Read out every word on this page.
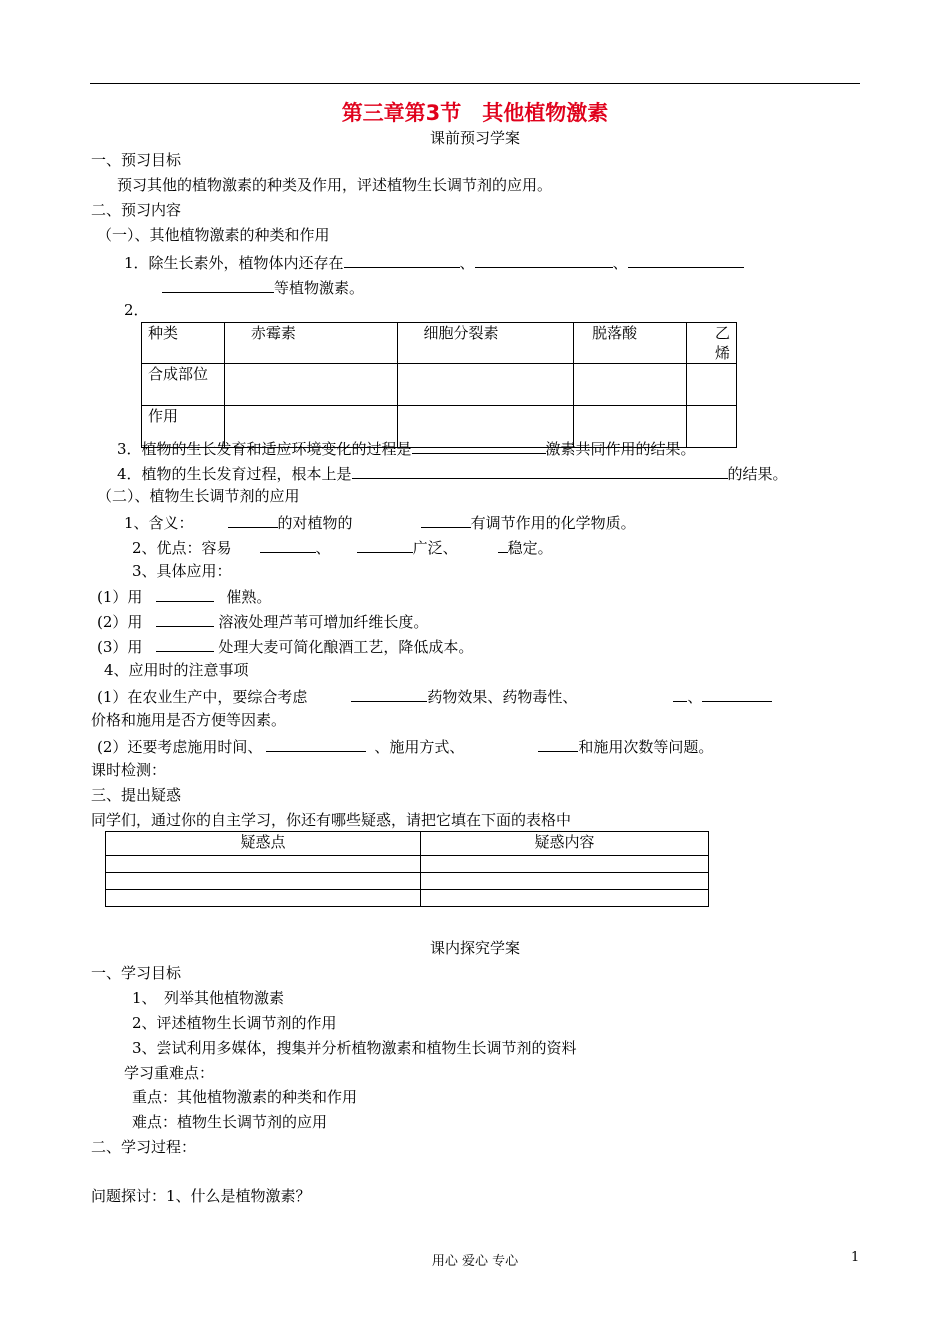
第三章第3节　其他植物激素
课前预习学案
一、预习目标
预习其他的植物激素的种类及作用，评述植物生长调节剂的应用。
二、预习内容
（一）、其他植物激素的种类和作用
1．除生长素外，植物体内还存在	、	、
等植物激素。
2．
种类	赤霉素	细胞分裂素	脱落酸	乙烯
合成部位				
作用				
3．植物的生长发育和适应环境变化的过程是	激素共同作用的结果。
4．植物的生长发育过程，根本上是	的结果。
（二）、植物生长调节剂的应用
1、含义：	的对植物的	有调节作用的化学物质。
2、优点：容易	、	广泛、	稳定。
3、具体应用：
(1）用	催熟。
(2）用	溶液处理芦苇可增加纤维长度。
(3）用	处理大麦可简化酿酒工艺，降低成本。
4、应用时的注意事项
(1）在农业生产中，要综合考虑	药物效果、药物毒性、	、
价格和施用是否方便等因素。
(2）还要考虑施用时间、	、施用方式、	和施用次数等问题。
课时检测：
三、提出疑惑
同学们，通过你的自主学习，你还有哪些疑惑，请把它填在下面的表格中
疑惑点	疑惑内容

课内探究学案
一、学习目标
1、　列举其他植物激素
2、评述植物生长调节剂的作用
3、尝试利用多媒体，搜集并分析植物激素和植物生长调节剂的资料
学习重难点：
重点：其他植物激素的种类和作用
难点：植物生长调节剂的应用
二、学习过程：
问题探讨：1、什么是植物激素？
用心 爱心 专心	1
